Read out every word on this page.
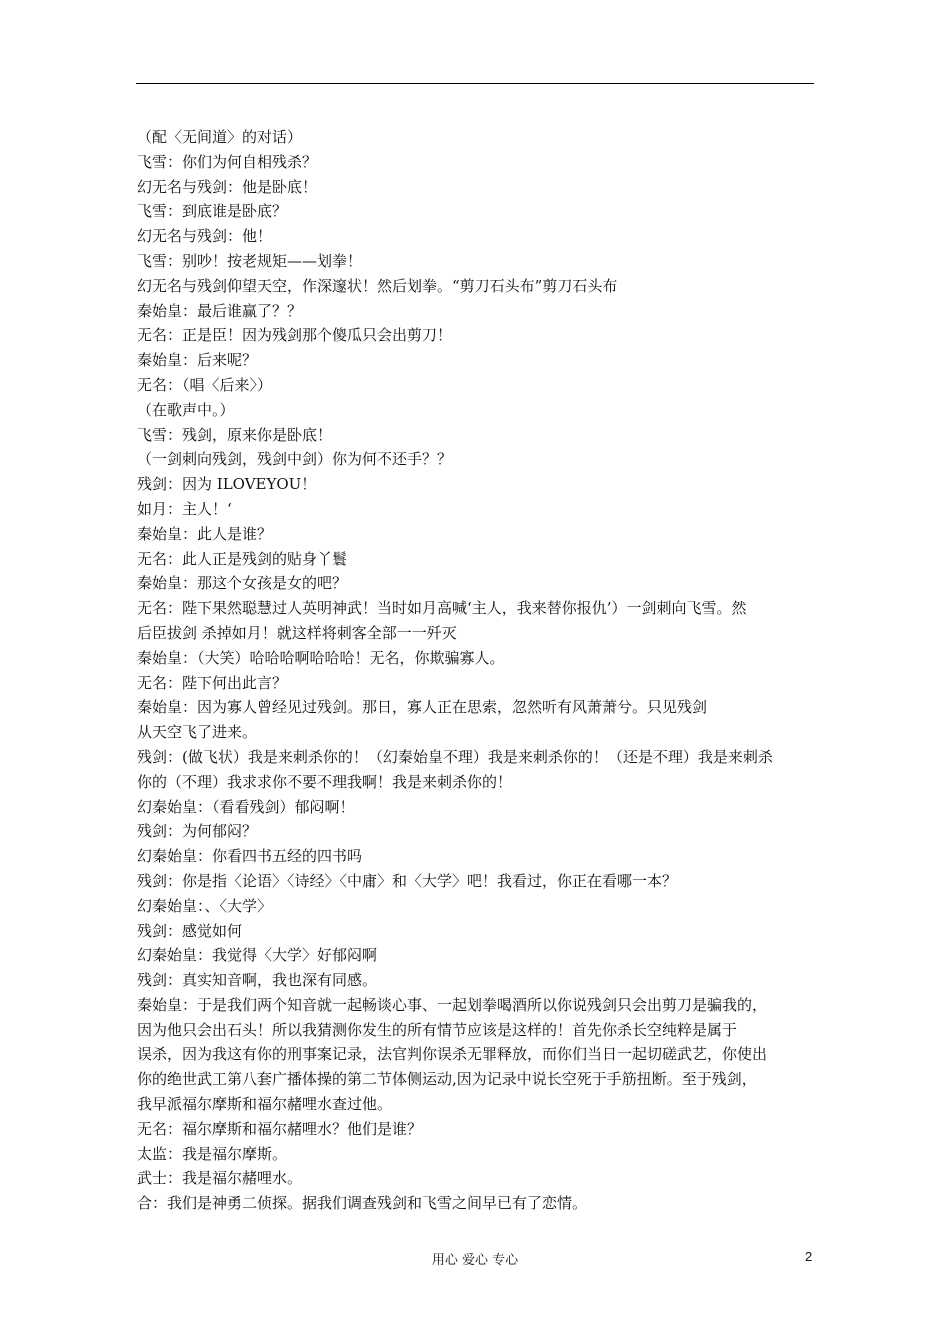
（配〈无间道〉的对话）
飞雪：你们为何自相残杀？
幻无名与残剑：他是卧底！
飞雪：到底谁是卧底？
幻无名与残剑：他！
飞雪：别吵！按老规矩——划拳！
幻无名与残剑仰望天空，作深邃状！然后划拳。“剪刀石头布”剪刀石头布
秦始皇：最后谁赢了？？
无名：正是臣！因为残剑那个傻瓜只会出剪刀！
秦始皇：后来呢？
无名：（唱〈后来〉）
（在歌声中。）
飞雪：残剑，原来你是卧底！
（一剑刺向残剑，残剑中剑）你为何不还手？？
残剑：因为 ILOVEYOU！
如月：主人！‘
秦始皇：此人是谁？
无名：此人正是残剑的贴身丫鬟
秦始皇：那这个女孩是女的吧？
无名：陛下果然聪慧过人英明神武！当时如月高喊‘主人，我来替你报仇’）一剑刺向飞雪。然
后臣拔剑 杀掉如月！就这样将刺客全部一一歼灭
秦始皇：（大笑）哈哈哈啊哈哈哈！无名，你欺骗寡人。
无名：陛下何出此言？
秦始皇：因为寡人曾经见过残剑。那日，寡人正在思索，忽然听有风萧萧兮。只见残剑
从天空飞了进来。
残剑：(做飞状）我是来刺杀你的！（幻秦始皇不理）我是来刺杀你的！（还是不理）我是来刺杀
你的（不理）我求求你不要不理我啊！我是来刺杀你的！
幻秦始皇：（看看残剑）郁闷啊！
残剑：为何郁闷？
幻秦始皇：你看四书五经的四书吗
残剑：你是指〈论语〉〈诗经〉〈中庸〉和〈大学〉吧！我看过，你正在看哪一本？
幻秦始皇：、〈大学〉
残剑：感觉如何
幻秦始皇：我觉得〈大学〉好郁闷啊
残剑：真实知音啊，我也深有同感。
秦始皇：于是我们两个知音就一起畅谈心事、一起划拳喝酒所以你说残剑只会出剪刀是骗我的，
因为他只会出石头！所以我猜测你发生的所有情节应该是这样的！首先你杀长空纯粹是属于
误杀，因为我这有你的刑事案记录，法官判你误杀无罪释放，而你们当日一起切磋武艺，你使出
你的绝世武工第八套广播体操的第二节体侧运动,因为记录中说长空死于手筋扭断。至于残剑，
我早派福尔摩斯和福尔赭哩水查过他。
无名：福尔摩斯和福尔赭哩水？他们是谁？
太监：我是福尔摩斯。
武士：我是福尔赭哩水。
合：我们是神勇二侦探。据我们调查残剑和飞雪之间早已有了恋情。
用心 爱心 专心	2
